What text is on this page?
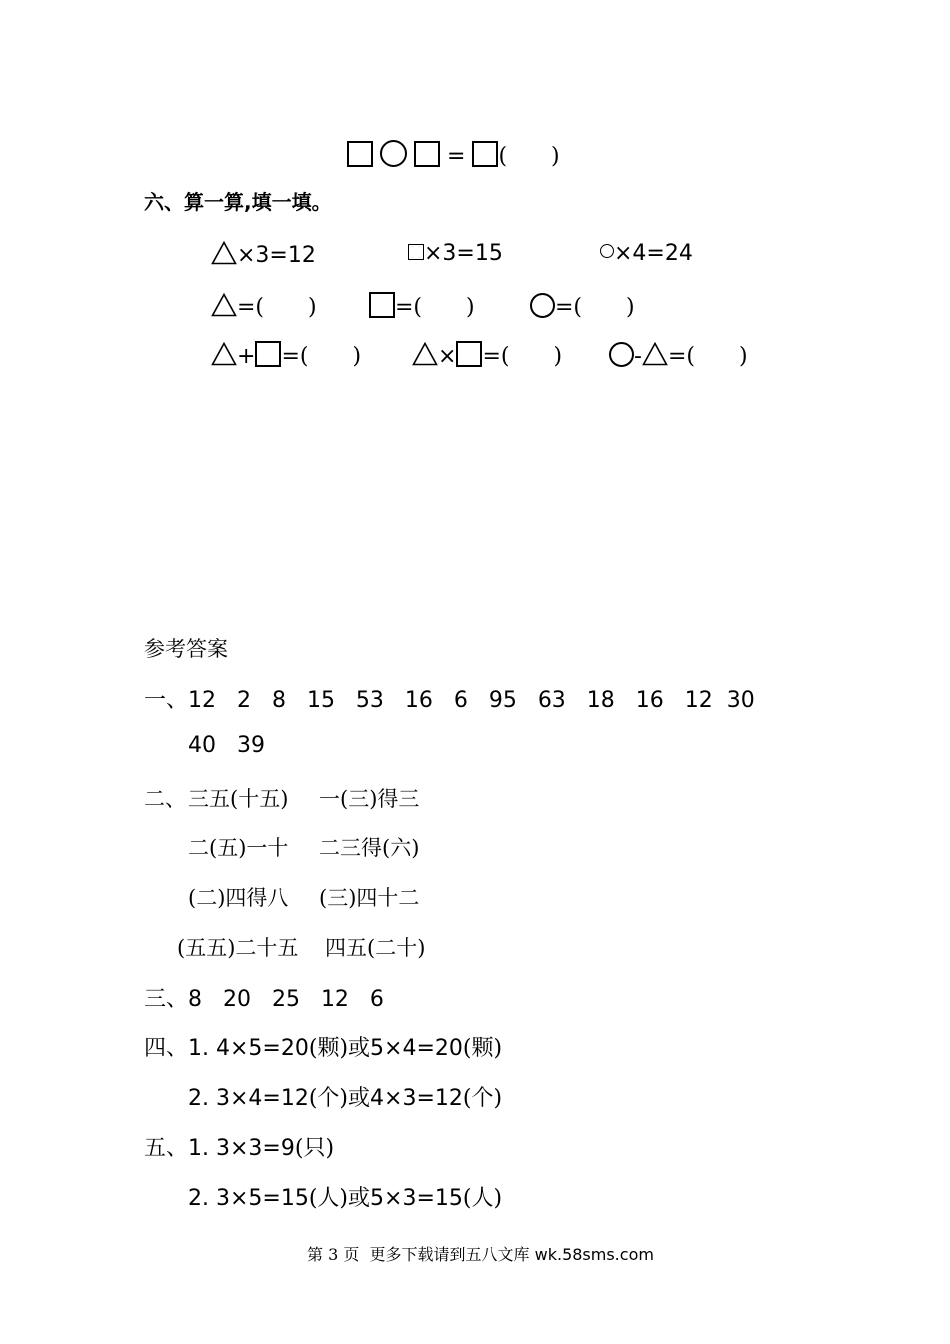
= (　　)
六、算一算,填一填。
×3=12	×3=15	×4=24
=(　　)	=(　　)	=(　　)
+ =(　　)	× =(　　)	- =(　　)
参考答案
一、12   2   8   15   53   16   6   95   63   18   16   12  30
40   39
二、 三五(十五) 一(三)得三
二(五)一十 二三得(六)
(二)四得八 (三)四十二
(五五)二十五 四五(二十)
三、8   20   25   12   6
四、1. 4×5=20(颗)或5×4=20(颗)
2. 3×4=12(个)或4×3=12(个)
五、1. 3×3=9(只)
2. 3×5=15(人)或5×3=15(人)
第 3 页  更多下载请到五八文库 wk.58sms.com
